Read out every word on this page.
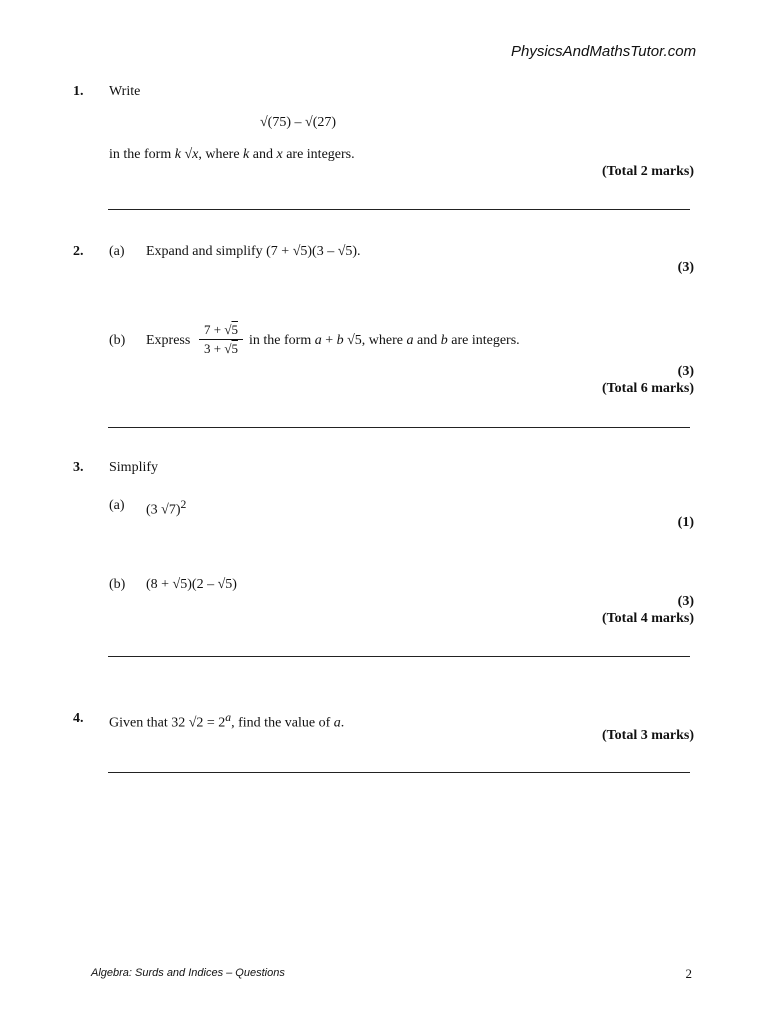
PhysicsAndMathsTutor.com
1. Write
√(75) – √(27)
in the form k √x, where k and x are integers.
(Total 2 marks)
2. (a) Expand and simplify (7 + √5)(3 – √5).
(3)
(b) Express
7 + √5
3 + √5
in the form a + b √5, where a and b are integers.
(3)
(Total 6 marks)
3. Simplify
(a) (3 √7)$^2$
(1)
(b) (8 + √5)(2 – √5)
(3)
(Total 4 marks)
4. Given that 32 $√2 = 2^a$, find the value of a.
(Total 3 marks)
Algebra: Surds and Indices – Questions	2
